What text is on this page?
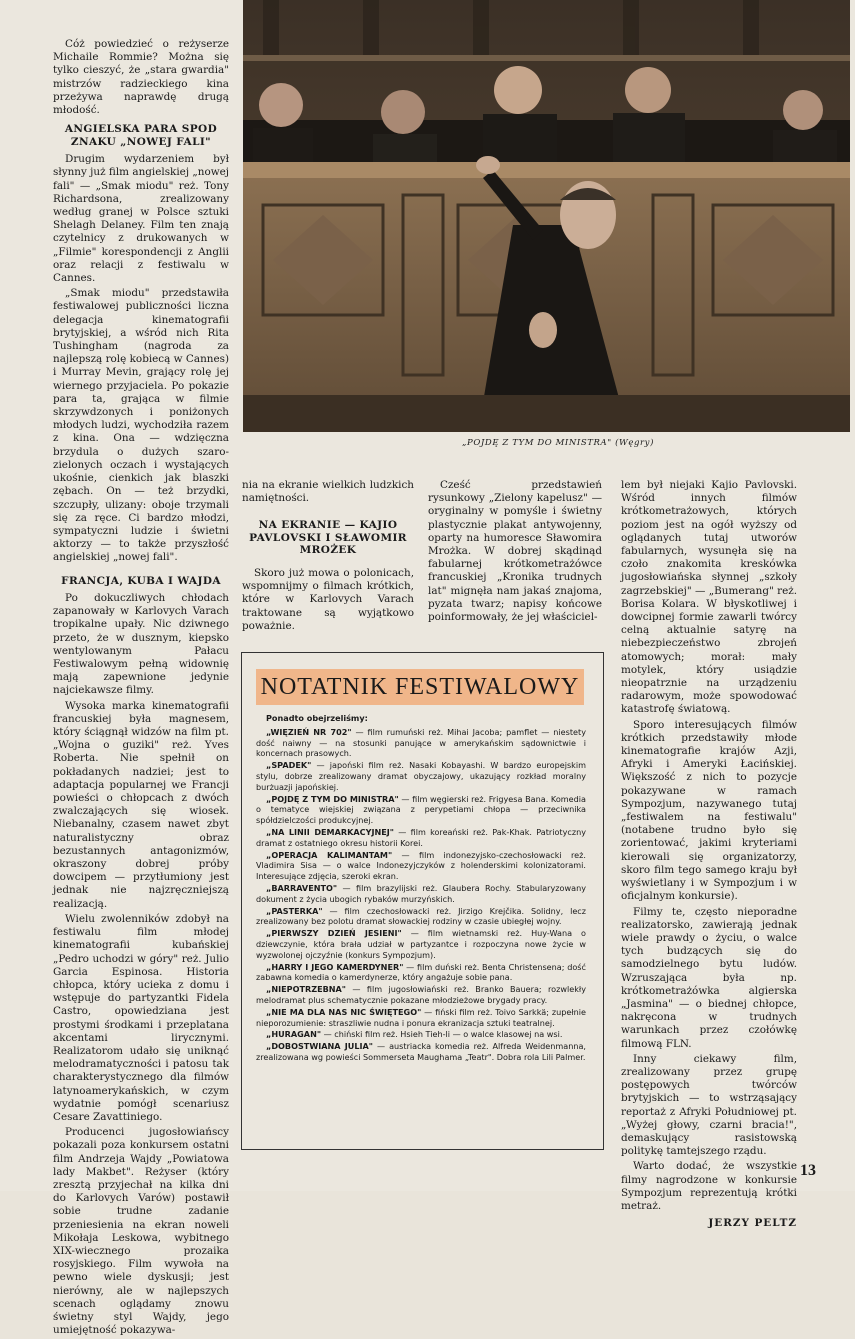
Cóż powiedzieć o reżyserze Michaile Rommie? Można się tylko cieszyć, że „stara gwardia" mistrzów radzieckiego kina przeżywa naprawdę drugą młodość.

ANGIELSKA PARA SPOD ZNAKU „NOWEJ FALI"

Drugim wydarzeniem był słynny już film angielskiej „nowej fali" — „Smak miodu" reż. Tony Richardsona, zrealizowany według granej w Polsce sztuki Shelagh Delaney. Film ten znają czytelnicy z drukowanych w „Filmie" korespondencji z Anglii oraz relacji z festiwalu w Cannes.

„Smak miodu" przedstawiła festiwalowej publiczności liczna delegacja kinematografii brytyjskiej, a wśród nich Rita Tushingham (nagroda za najlepszą rolę kobiecą w Cannes) i Murray Mevin, grający rolę jej wiernego przyjaciela. Po pokazie para ta, grająca w filmie skrzywdzonych i poniżonych młodych ludzi, wychodziła razem z kina. Ona — wdzięczna brzydula o dużych szaro-zielonych oczach i wystających ukośnie, cienkich jak blaszki zębach. On — też brzydki, szczupły, ulizany: oboje trzymali się za ręce. Ci bardzo młodzi, sympatyczni ludzie i świetni aktorzy — to także przyszłość angielskiej „nowej fali".

FRANCJA, KUBA I WAJDA

Po dokuczliwych chłodach zapanowały w Karlovych Varach tropikalne upały. Nic dziwnego przeto, że w dusznym, kiepsko wentylowanym Pałacu Festiwalowym pełną widownię mają zapewnione jedynie najciekawsze filmy.

Wysoka marka kinematografii francuskiej była magnesem, który ściągnął widzów na film pt. „Wojna o guziki" reż. Yves Roberta. Nie spełnił on pokładanych nadziei; jest to adaptacja popularnej we Francji powieści o chłopcach z dwóch zwalczających się wiosek. Niebanalny, czasem nawet zbyt naturalistyczny obraz bezustannych antagonizmów, okraszony dobrej próby dowcipem — przytłumiony jest jednak nie najzręczniejszą realizacją.

Wielu zwolenników zdobył na festiwalu film młodej kinematografii kubańskiej „Pedro uchodzi w góry" reż. Julio Garcia Espinosa. Historia chłopca, który ucieka z domu i wstępuje do partyzantki Fidela Castro, opowiedziana jest prostymi środkami i przeplatana akcentami lirycznymi. Realizatorom udało się uniknąć melodramatyczności i patosu tak charakterystycznego dla filmów latynoamerykańskich, w czym wydatnie pomógł scenariusz Cesare Zavattiniego.

Producenci jugosłowiańscy pokazali poza konkursem ostatni film Andrzeja Wajdy „Powiatowa lady Makbet". Reżyser (który zresztą przyjechał na kilka dni do Karlovych Varów) postawił sobie trudne zadanie przeniesienia na ekran noweli Mikołaja Leskowa, wybitnego XIX-wiecznego prozaika rosyjskiego. Film wywoła na pewno wiele dyskusji; jest nierówny, ale w najlepszych scenach oglądamy znowu świetny styl Wajdy, jego umiejętność pokazywa-

„POJDĘ Z TYM DO MINISTRA" (Węgry)

nia na ekranie wielkich ludzkich namiętności.

NA EKRANIE — KAJIO PAVLOVSKI I SŁAWOMIR MROŻEK

Skoro już mowa o polonicach, wspomnijmy o filmach krótkich, które w Karlovych Varach traktowane są wyjątkowo poważnie.

Cześć przedstawień rysunkowy „Zielony kapelusz" — oryginalny w pomyśle i świetny plastycznie plakat antywojenny, oparty na humoresce Sławomira Mrożka. W dobrej skądinąd fabularnej krótkometrażówce francuskiej „Kronika trudnych lat" mignęła nam jakaś znajoma, pyzata twarz; napisy końcowe poinformowały, że jej właściciel-

lem był niejaki Kajio Pavlovski. Wśród innych filmów krótkometrażowych, których poziom jest na ogół wyższy od oglądanych tutaj utworów fabularnych, wysunęła się na czoło znakomita kreskówka jugosłowiańska słynnej „szkoły zagrzebskiej" — „Bumerang" reż. Borisa Kolara. W błyskotliwej i dowcipnej formie zawarli twórcy celną aktualnie satyrę na niebezpieczeństwo zbrojeń atomowych; morał: mały motylek, który usiądzie nieopatrznie na urządzeniu radarowym, może spowodować katastrofę światową.

Sporo interesujących filmów krótkich przedstawiły młode kinematografie krajów Azji, Afryki i Ameryki Łacińskiej. Większość z nich to pozycje pokazywane w ramach Sympozjum, nazywanego tutaj „festiwalem na festiwalu" (notabene trudno było się zorientować, jakimi kryteriami kierowali się organizatorzy, skoro film tego samego kraju był wyświetlany i w Sympozjum i w oficjalnym konkursie).

Filmy te, często nieporadne realizatorsko, zawierają jednak wiele prawdy o życiu, o walce tych budzących się do samodzielnego bytu ludów. Wzruszająca była np. krótkometrażówka algierska „Jasmina" — o biednej chłopce, nakręcona w trudnych warunkach przez czołówkę filmową FLN.

Inny ciekawy film, zrealizowany przez grupę postępowych twórców brytyjskich — to wstrząsający reportaż z Afryki Południowej pt. „Wyżej głowy, czarni bracia!", demaskujący rasistowską politykę tamtejszego rządu.

Warto dodać, że wszystkie filmy nagrodzone w konkursie Sympozjum reprezentują krótki metraż.

JERZY PELTZ
NOTATNIK FESTIWALOWY

Ponadto obejrzeliśmy:

„WIĘZIEŃ NR 702" — film rumuński reż. Mihai Jacoba; pamflet — niestety dość naiwny — na stosunki panujące w amerykańskim sądownictwie i koncernach prasowych.

„SPADEK" — japoński film reż. Nasaki Kobayashi. W bardzo europejskim stylu, dobrze zrealizowany dramat obyczajowy, ukazujący rozkład moralny burżuazji japońskiej.

„POJDĘ Z TYM DO MINISTRA" — film węgierski reż. Frigyesa Bana. Komedia o tematyce wiejskiej związana z perypetiami chłopa — przeciwnika spółdzielczości produkcyjnej.

„NA LINII DEMARKACYJNEJ" — film koreański reż. Pak-Khak. Patriotyczny dramat z ostatniego okresu historii Korei.

„OPERACJA KALIMANTAM" — film indonezyjsko-czechosłowacki reż. Vladimira Sisa — o walce Indonezyjczyków z holenderskimi kolonizatorami. Interesujące zdjęcia, szeroki ekran.

„BARRAVENTO" — film brazylijski reż. Glaubera Rochy. Stabularyzowany dokument z życia ubogich rybaków murzyńskich.

„PASTERKA" — film czechosłowacki reż. Jirzigo Krejčika. Solidny, lecz zrealizowany bez polotu dramat słowackiej rodziny w czasie ubiegłej wojny.

„PIERWSZY DZIEŃ JESIENI" — film wietnamski reż. Huy-Wana o dziewczynie, która brała udział w partyzantce i rozpoczyna nowe życie w wyzwolonej ojczyźnie (konkurs Sympozjum).

„HARRY I JEGO KAMERDYNER" — film duński reż. Benta Christensena; dość zabawna komedia o kamerdynerze, który angażuje sobie pana.

„NIEPOTRZEBNA" — film jugosłowiański reż. Branko Bauera; rozwlekły melodramat plus schematycznie pokazane młodzieżowe brygady pracy.

„NIE MA DLA NAS NIC ŚWIĘTEGO" — fiński film reż. Toivo Sarkkä; zupełnie nieporozumienie: straszliwie nudna i ponura ekranizacja sztuki teatralnej.

„HURAGAN" — chiński film reż. Hsieh Tieh-li — o walce klasowej na wsi.

„DOBOSTWIANA JULIA" — austriacka komedia reż. Alfreda Weidenmanna, zrealizowana wg powieści Sommerseta Maughama „Teatr". Dobra rola Lili Palmer.

13
